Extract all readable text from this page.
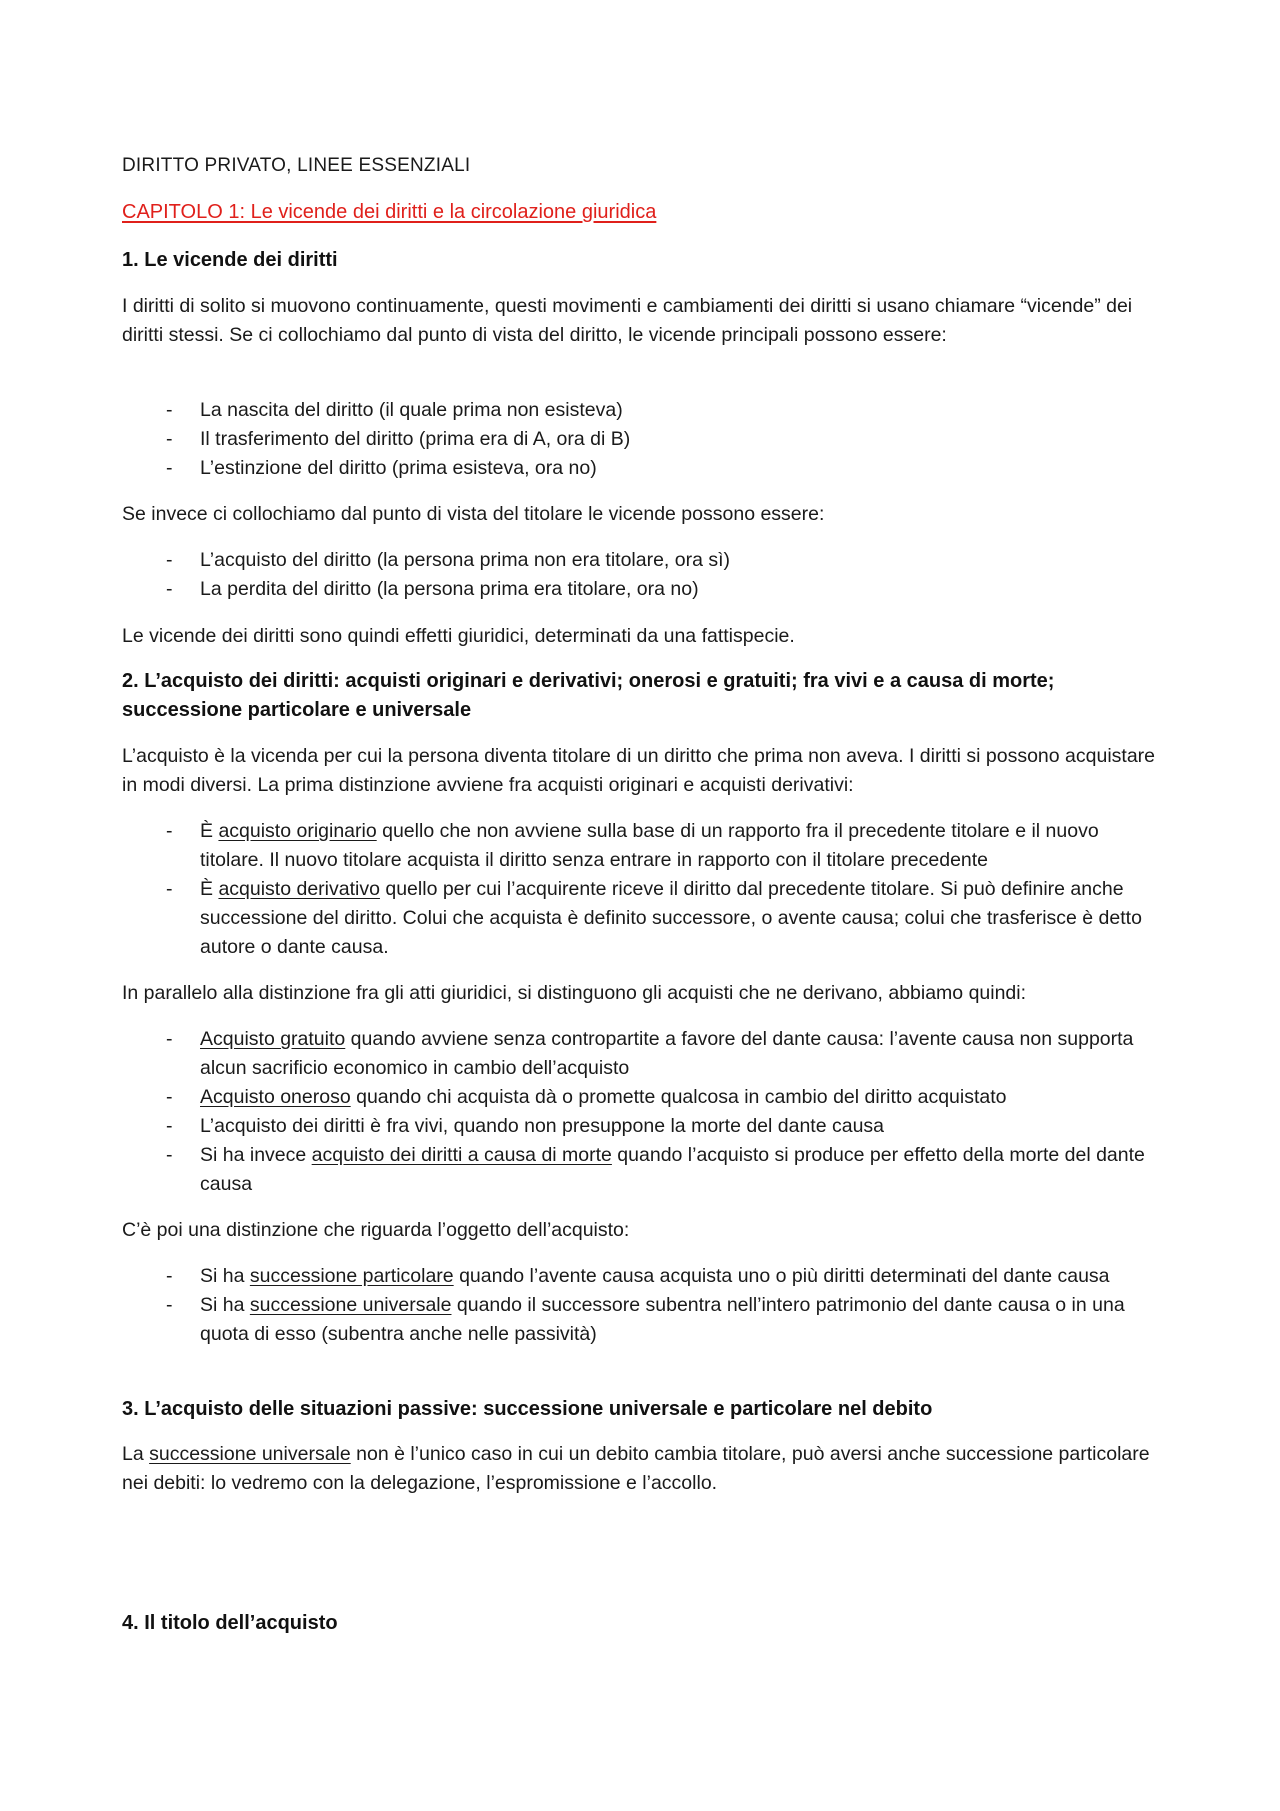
DIRITTO PRIVATO, LINEE ESSENZIALI
CAPITOLO 1: Le vicende dei diritti e la circolazione giuridica
1. Le vicende dei diritti
I diritti di solito si muovono continuamente, questi movimenti e cambiamenti dei diritti si usano chiamare “vicende” dei diritti stessi. Se ci collochiamo dal punto di vista del diritto, le vicende principali possono essere:
- La nascita del diritto (il quale prima non esisteva)
- Il trasferimento del diritto (prima era di A, ora di B)
- L’estinzione del diritto (prima esisteva, ora no)
Se invece ci collochiamo dal punto di vista del titolare le vicende possono essere:
- L’acquisto del diritto (la persona prima non era titolare, ora sì)
- La perdita del diritto (la persona prima era titolare, ora no)
Le vicende dei diritti sono quindi effetti giuridici, determinati da una fattispecie.
2. L’acquisto dei diritti: acquisti originari e derivativi; onerosi e gratuiti; fra vivi e a causa di morte; successione particolare e universale
L’acquisto è la vicenda per cui la persona diventa titolare di un diritto che prima non aveva. I diritti si possono acquistare in modi diversi. La prima distinzione avviene fra acquisti originari e acquisti derivativi:
- È acquisto originario quello che non avviene sulla base di un rapporto fra il precedente titolare e il nuovo titolare. Il nuovo titolare acquista il diritto senza entrare in rapporto con il titolare precedente
- È acquisto derivativo quello per cui l’acquirente riceve il diritto dal precedente titolare. Si può definire anche successione del diritto. Colui che acquista è definito successore, o avente causa; colui che trasferisce è detto autore o dante causa.
In parallelo alla distinzione fra gli atti giuridici, si distinguono gli acquisti che ne derivano, abbiamo quindi:
- Acquisto gratuito quando avviene senza contropartite a favore del dante causa: l’avente causa non supporta alcun sacrificio economico in cambio dell’acquisto
- Acquisto oneroso quando chi acquista dà o promette qualcosa in cambio del diritto acquistato
- L’acquisto dei diritti è fra vivi, quando non presuppone la morte del dante causa
- Si ha invece acquisto dei diritti a causa di morte quando l’acquisto si produce per effetto della morte del dante causa
C’è poi una distinzione che riguarda l’oggetto dell’acquisto:
- Si ha successione particolare quando l’avente causa acquista uno o più diritti determinati del dante causa
- Si ha successione universale quando il successore subentra nell’intero patrimonio del dante causa o in una quota di esso (subentra anche nelle passività)
3. L’acquisto delle situazioni passive: successione universale e particolare nel debito
La successione universale non è l’unico caso in cui un debito cambia titolare, può aversi anche successione particolare nei debiti: lo vedremo con la delegazione, l’espromissione e l’accollo.
4. Il titolo dell’acquisto
